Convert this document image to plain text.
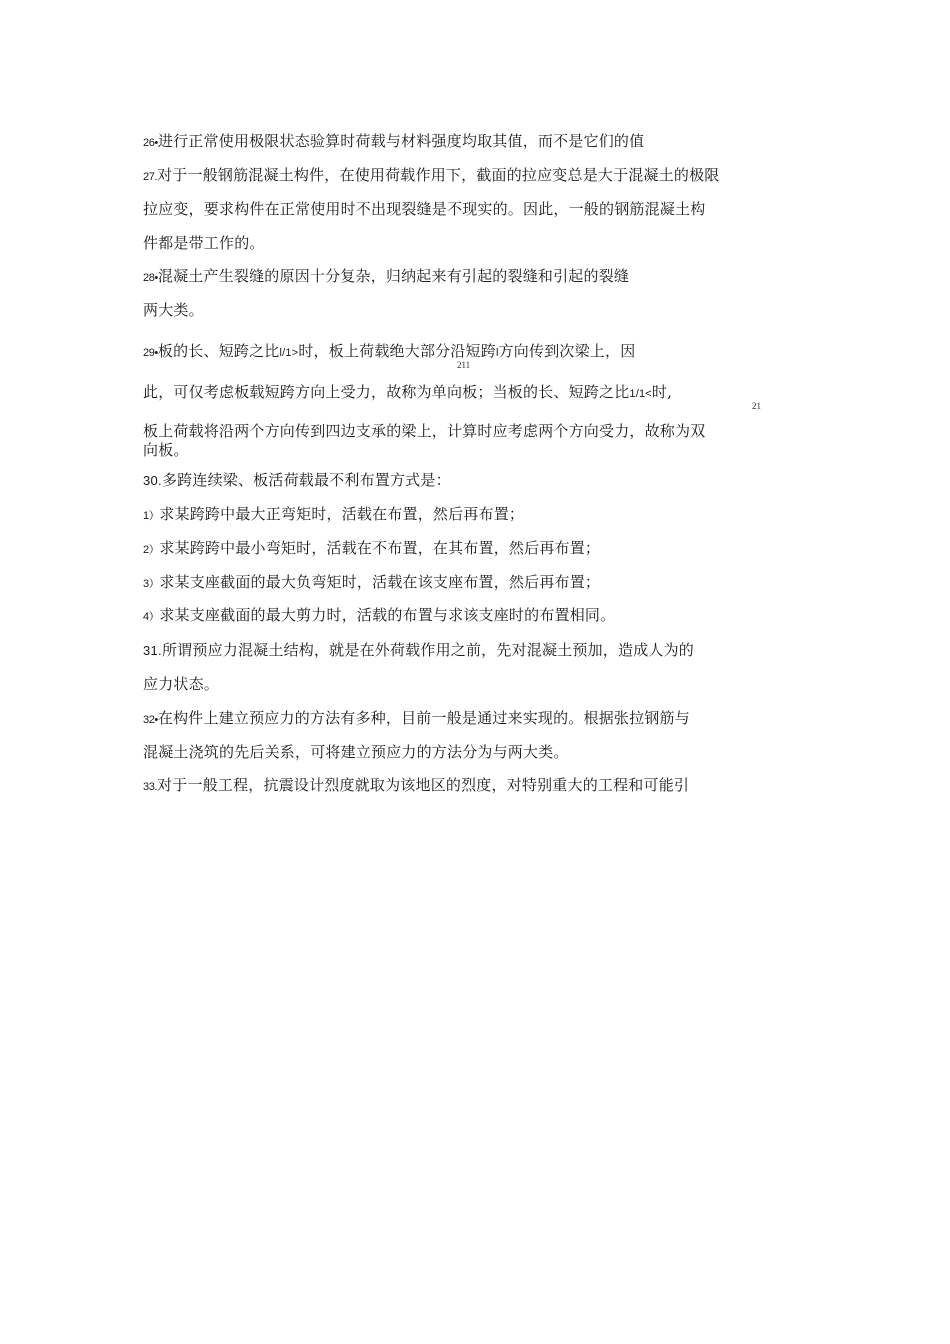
26•进行正常使用极限状态验算时荷载与材料强度均取其值，而不是它们的值
27.对于一般钢筋混凝土构件，在使用荷载作用下，截面的拉应变总是大于混凝土的极限
拉应变，要求构件在正常使用时不出现裂缝是不现实的。因此，一般的钢筋混凝土构
件都是带工作的。
28•混凝土产生裂缝的原因十分复杂，归纳起来有引起的裂缝和引起的裂缝
两大类。
29•板的长、短跨之比l/1>时，板上荷载绝大部分沿短跨l方向传到次梁上，因
211
此，可仅考虑板载短跨方向上受力，故称为单向板；当板的长、短跨之比1/1<时,
21
板上荷载将沿两个方向传到四边支承的梁上，计算时应考虑两个方向受力，故称为双
向板。
30.多跨连续梁、板活荷载最不利布置方式是：
1）求某跨跨中最大正弯矩时，活载在布置，然后再布置；
2）求某跨跨中最小弯矩时，活载在不布置，在其布置，然后再布置；
3）求某支座截面的最大负弯矩时，活载在该支座布置，然后再布置；
4）求某支座截面的最大剪力时，活载的布置与求该支座时的布置相同。
31.所谓预应力混凝土结构，就是在外荷载作用之前，先对混凝土预加，造成人为的
应力状态。
32•在构件上建立预应力的方法有多种，目前一般是通过来实现的。根据张拉钢筋与
混凝土浇筑的先后关系，可将建立预应力的方法分为与两大类。
33.对于一般工程，抗震设计烈度就取为该地区的烈度，对特别重大的工程和可能引
